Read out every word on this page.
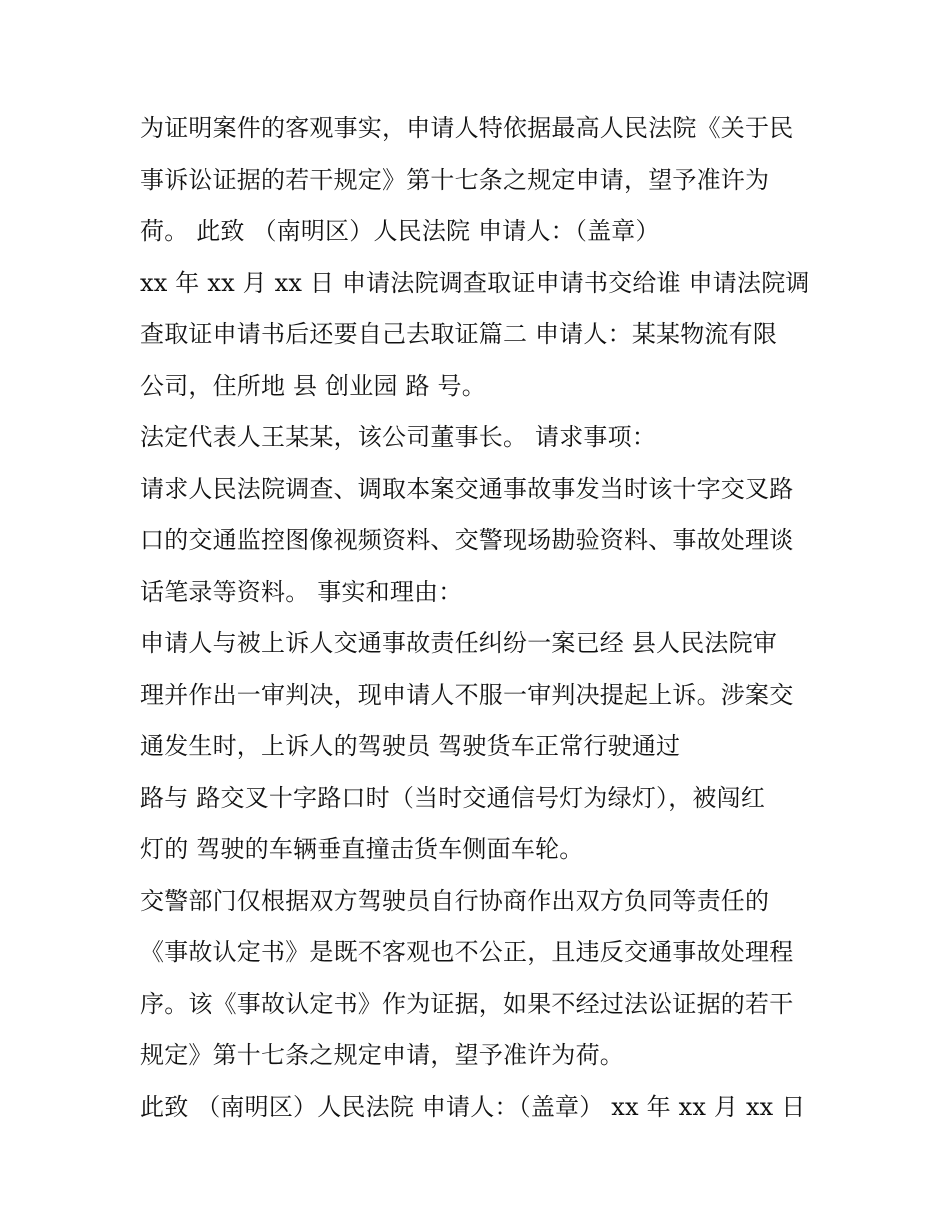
为证明案件的客观事实，申请人特依据最高人民法院《关于民
事诉讼证据的若干规定》第十七条之规定申请，望予准许为
荷。 此致 （南明区）人民法院 申请人：（盖章）
xx 年 xx 月 xx 日 申请法院调查取证申请书交给谁 申请法院调
查取证申请书后还要自己去取证篇二 申请人：某某物流有限
公司，住所地 县 创业园 路 号。
法定代表人王某某，该公司董事长。 请求事项：
请求人民法院调查、调取本案交通事故事发当时该十字交叉路
口的交通监控图像视频资料、交警现场勘验资料、事故处理谈
话笔录等资料。 事实和理由：
申请人与被上诉人交通事故责任纠纷一案已经 县人民法院审
理并作出一审判决，现申请人不服一审判决提起上诉。涉案交
通发生时，上诉人的驾驶员 驾驶货车正常行驶通过
路与 路交叉十字路口时（当时交通信号灯为绿灯），被闯红
灯的 驾驶的车辆垂直撞击货车侧面车轮。
交警部门仅根据双方驾驶员自行协商作出双方负同等责任的
《事故认定书》是既不客观也不公正，且违反交通事故处理程
序。该《事故认定书》作为证据，如果不经过法讼证据的若干
规定》第十七条之规定申请，望予准许为荷。
此致 （南明区）人民法院 申请人：（盖章） xx 年 xx 月 xx 日
